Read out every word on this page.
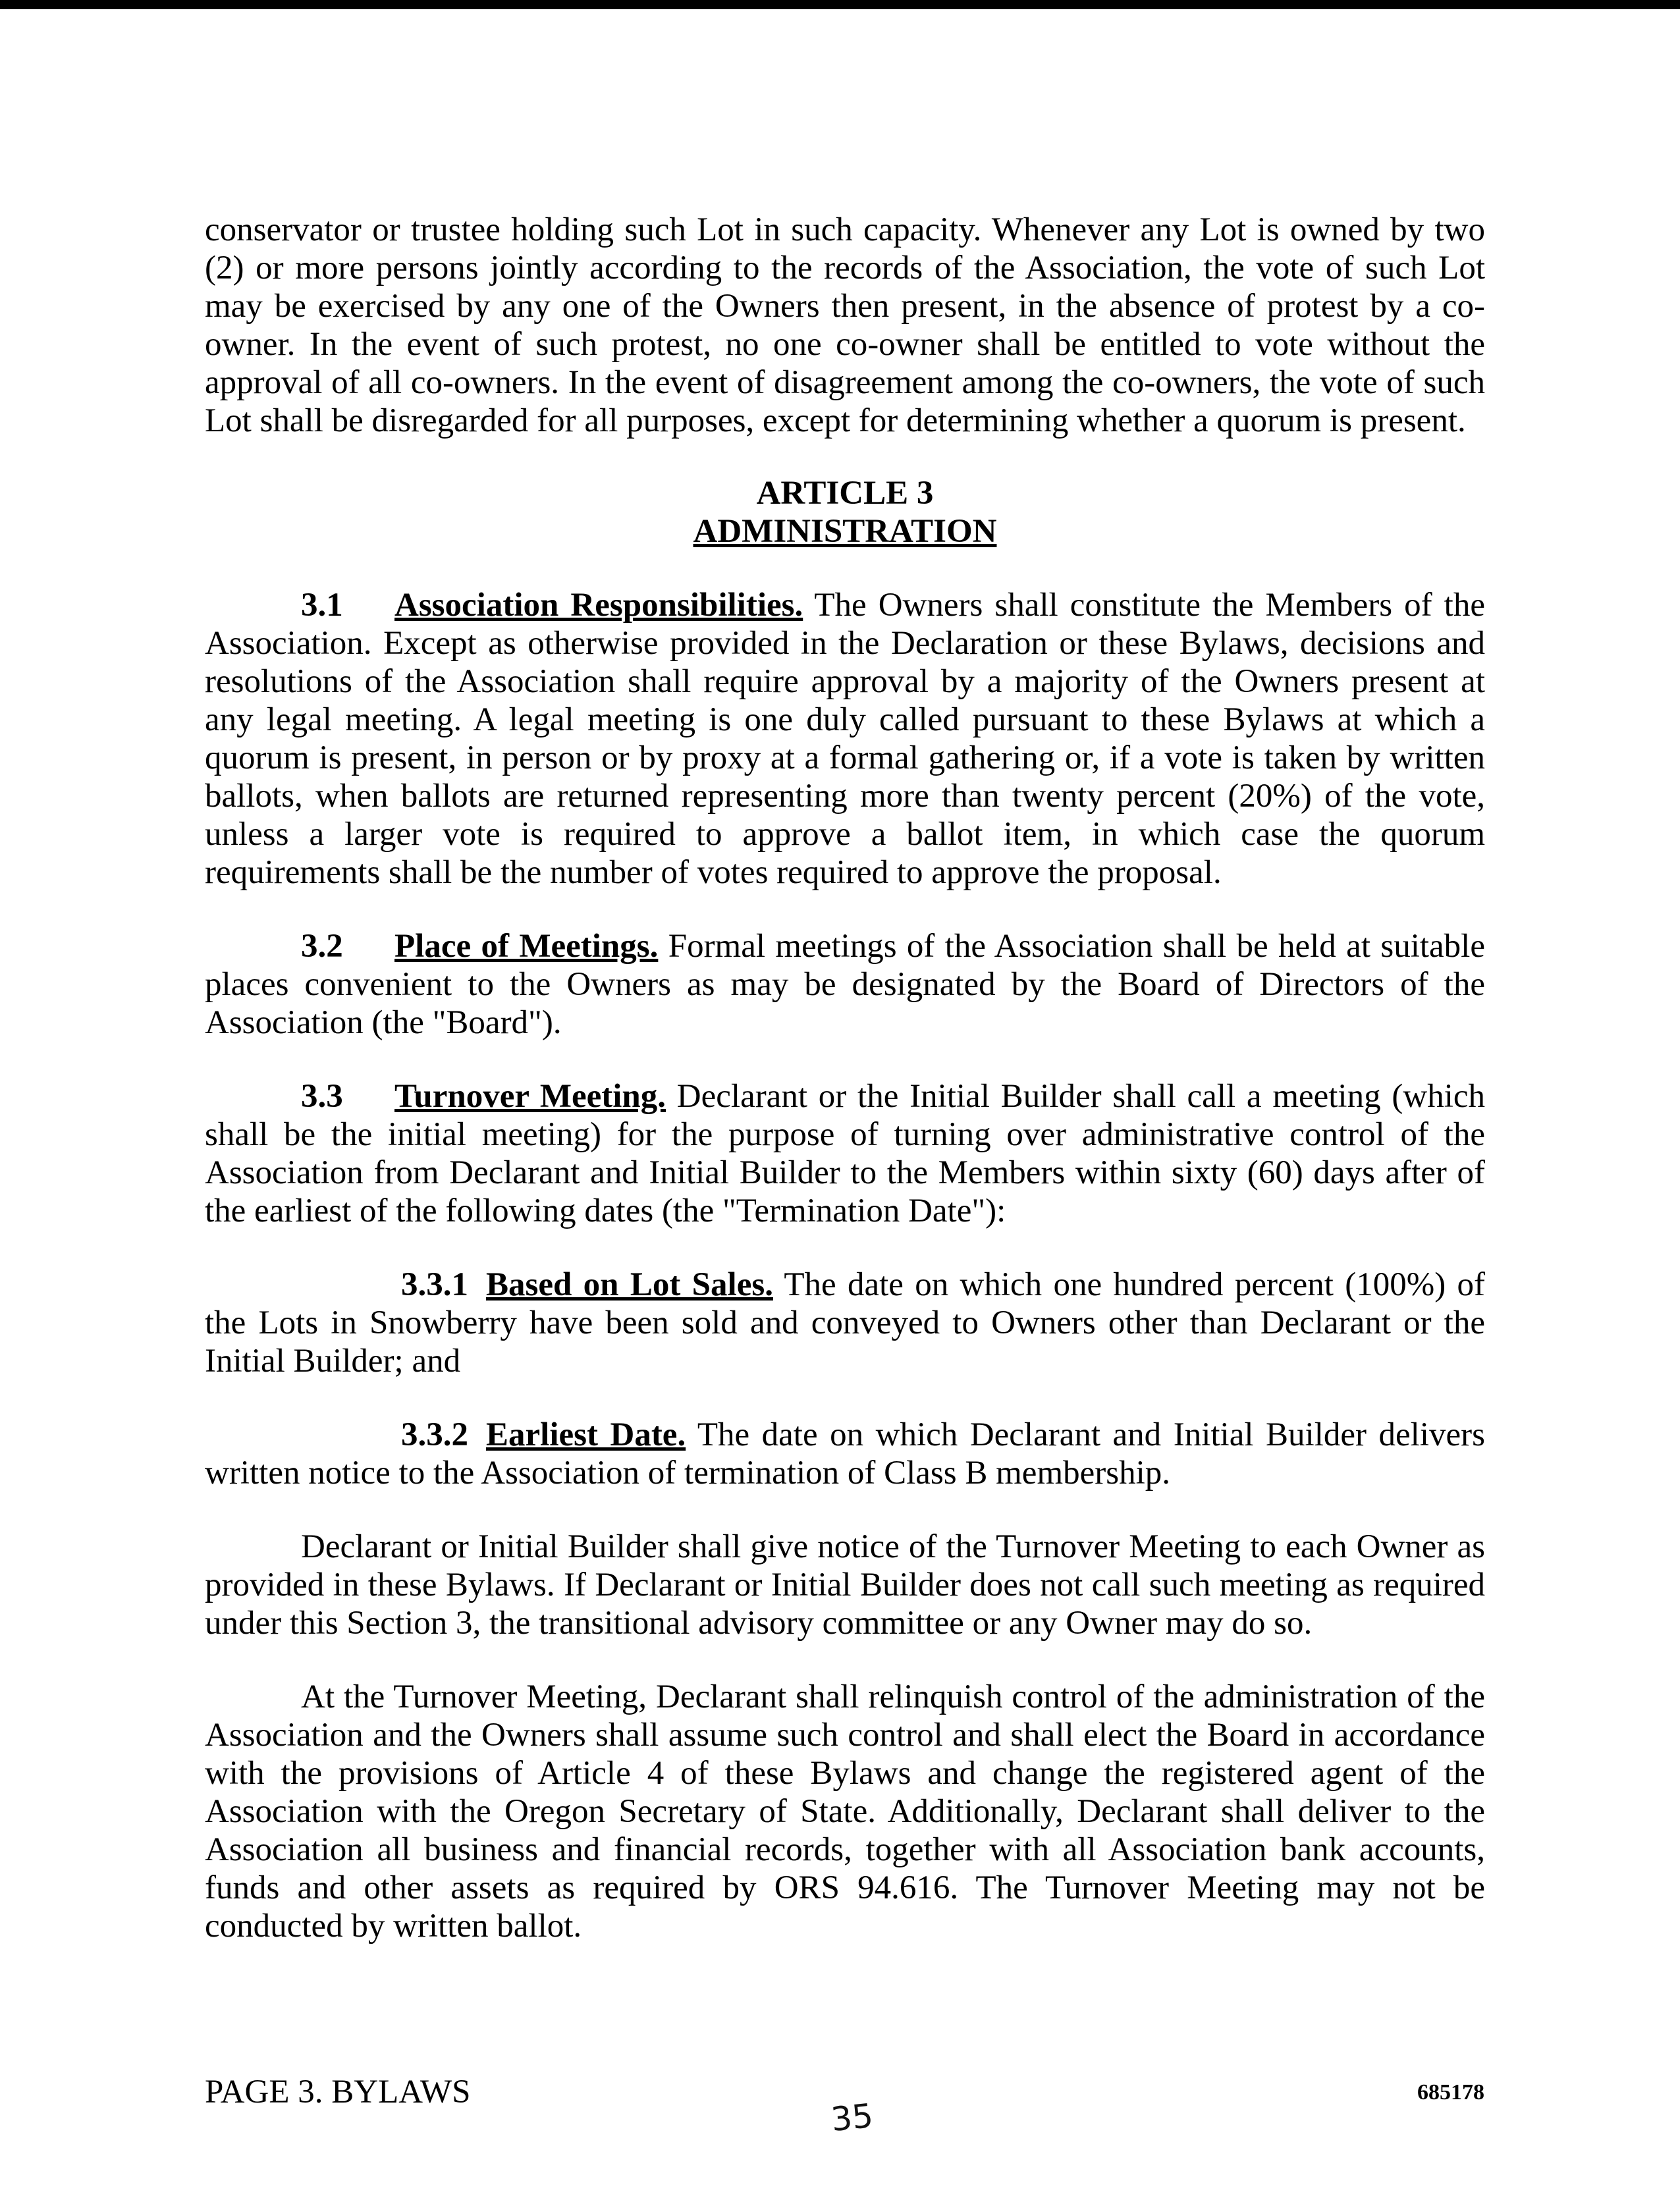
conservator or trustee holding such Lot in such capacity. Whenever any Lot is owned by two (2) or more persons jointly according to the records of the Association, the vote of such Lot may be exercised by any one of the Owners then present, in the absence of protest by a co-owner. In the event of such protest, no one co-owner shall be entitled to vote without the approval of all co-owners. In the event of disagreement among the co-owners, the vote of such Lot shall be disregarded for all purposes, except for determining whether a quorum is present.

ARTICLE 3
ADMINISTRATION

3.1 Association Responsibilities. The Owners shall constitute the Members of the Association. Except as otherwise provided in the Declaration or these Bylaws, decisions and resolutions of the Association shall require approval by a majority of the Owners present at any legal meeting. A legal meeting is one duly called pursuant to these Bylaws at which a quorum is present, in person or by proxy at a formal gathering or, if a vote is taken by written ballots, when ballots are returned representing more than twenty percent (20%) of the vote, unless a larger vote is required to approve a ballot item, in which case the quorum requirements shall be the number of votes required to approve the proposal.

3.2 Place of Meetings. Formal meetings of the Association shall be held at suitable places convenient to the Owners as may be designated by the Board of Directors of the Association (the "Board").

3.3 Turnover Meeting. Declarant or the Initial Builder shall call a meeting (which shall be the initial meeting) for the purpose of turning over administrative control of the Association from Declarant and Initial Builder to the Members within sixty (60) days after of the earliest of the following dates (the "Termination Date"):

3.3.1 Based on Lot Sales. The date on which one hundred percent (100%) of the Lots in Snowberry have been sold and conveyed to Owners other than Declarant or the Initial Builder; and

3.3.2 Earliest Date. The date on which Declarant and Initial Builder delivers written notice to the Association of termination of Class B membership.

Declarant or Initial Builder shall give notice of the Turnover Meeting to each Owner as provided in these Bylaws. If Declarant or Initial Builder does not call such meeting as required under this Section 3, the transitional advisory committee or any Owner may do so.

At the Turnover Meeting, Declarant shall relinquish control of the administration of the Association and the Owners shall assume such control and shall elect the Board in accordance with the provisions of Article 4 of these Bylaws and change the registered agent of the Association with the Oregon Secretary of State. Additionally, Declarant shall deliver to the Association all business and financial records, together with all Association bank accounts, funds and other assets as required by ORS 94.616. The Turnover Meeting may not be conducted by written ballot.

PAGE 3. BYLAWS	685178
35
